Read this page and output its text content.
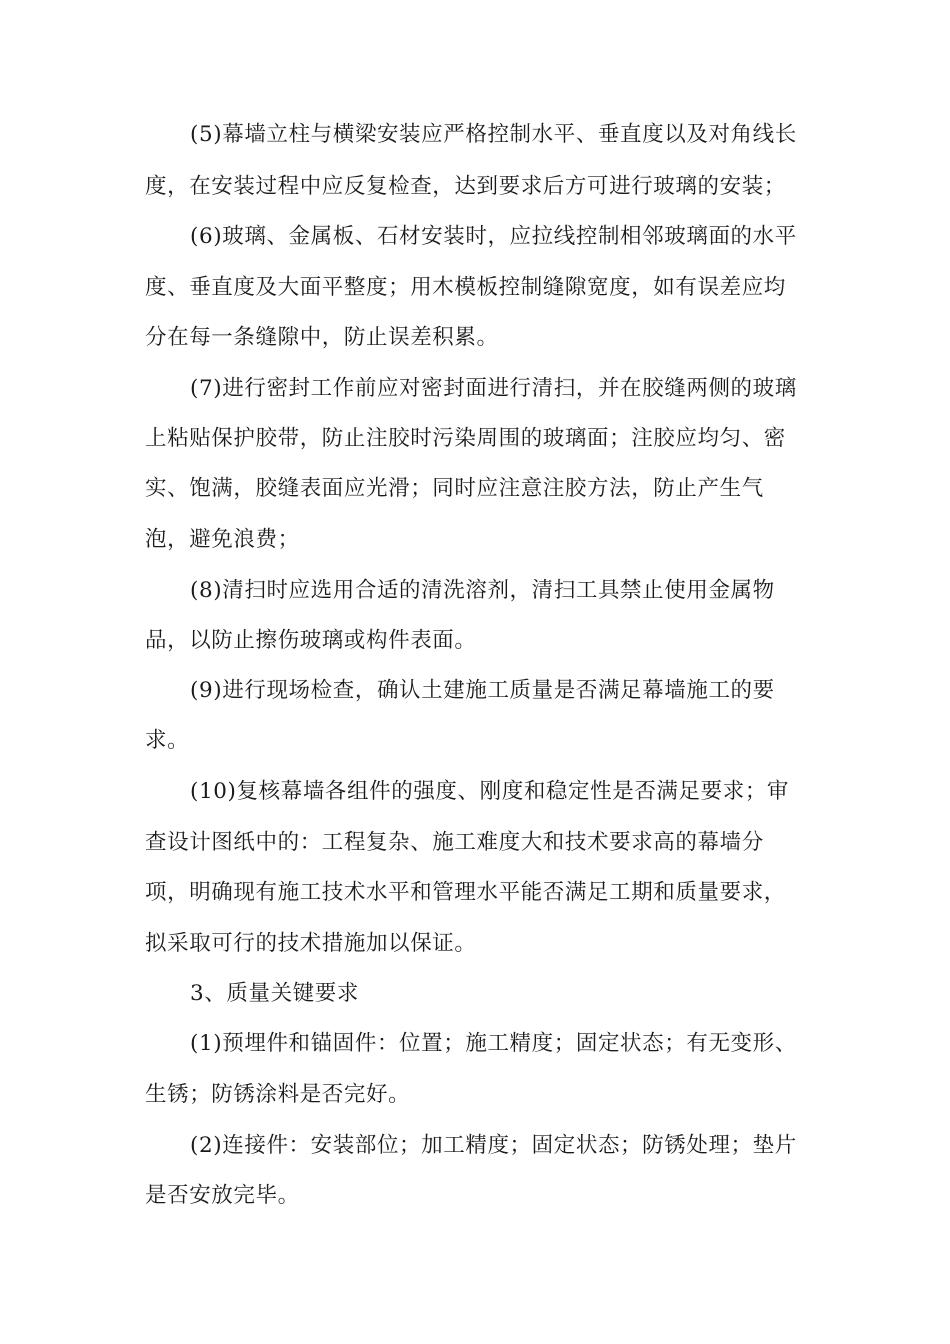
(5)幕墙立柱与横梁安装应严格控制水平、垂直度以及对角线长
度，在安装过程中应反复检查，达到要求后方可进行玻璃的安装；
(6)玻璃、金属板、石材安装时，应拉线控制相邻玻璃面的水平
度、垂直度及大面平整度；用木模板控制缝隙宽度，如有误差应均
分在每一条缝隙中，防止误差积累。
(7)进行密封工作前应对密封面进行清扫，并在胶缝两侧的玻璃
上粘贴保护胶带，防止注胶时污染周围的玻璃面；注胶应均匀、密
实、饱满，胶缝表面应光滑；同时应注意注胶方法，防止产生气
泡，避免浪费；
(8)清扫时应选用合适的清洗溶剂，清扫工具禁止使用金属物
品，以防止擦伤玻璃或构件表面。
(9)进行现场检查，确认土建施工质量是否满足幕墙施工的要
求。
(10)复核幕墙各组件的强度、刚度和稳定性是否满足要求；审
查设计图纸中的：工程复杂、施工难度大和技术要求高的幕墙分
项，明确现有施工技术水平和管理水平能否满足工期和质量要求，
拟采取可行的技术措施加以保证。
3、质量关键要求
(1)预埋件和锚固件：位置；施工精度；固定状态；有无变形、
生锈；防锈涂料是否完好。
(2)连接件：安装部位；加工精度；固定状态；防锈处理；垫片
是否安放完毕。
